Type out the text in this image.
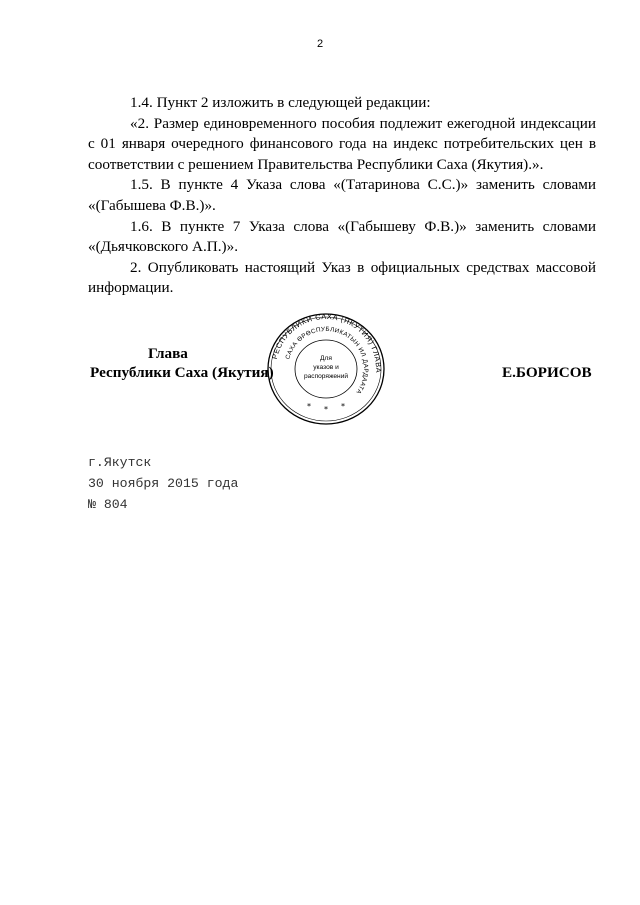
2

1.4. Пункт 2 изложить в следующей редакции:

«2. Размер единовременного пособия подлежит ежегодной индексации с 01 января очередного финансового года на индекс потребительских цен в соответствии с решением Правительства Республики Саха (Якутия).».

1.5. В пункте 4 Указа слова «(Татаринова С.С.)» заменить словами «(Габышева Ф.В.)».

1.6. В пункте 7 Указа слова «(Габышеву Ф.В.)» заменить словами «(Дьячковского А.П.)».

2. Опубликовать настоящий Указ в официальных средствах массовой информации.

Глава
Республики Саха (Якутия)
РЕСПУБЛИКИ САХА (ЯКУТИЯ) ГЛАВА
САХА ӨРӨСПУБЛИКАТЫН ИЛ ДАРДААТА
Для
указов и
распоряжений
* * *
Е.БОРИСОВ
г.Якутск
30 ноября 2015 года
№ 804
